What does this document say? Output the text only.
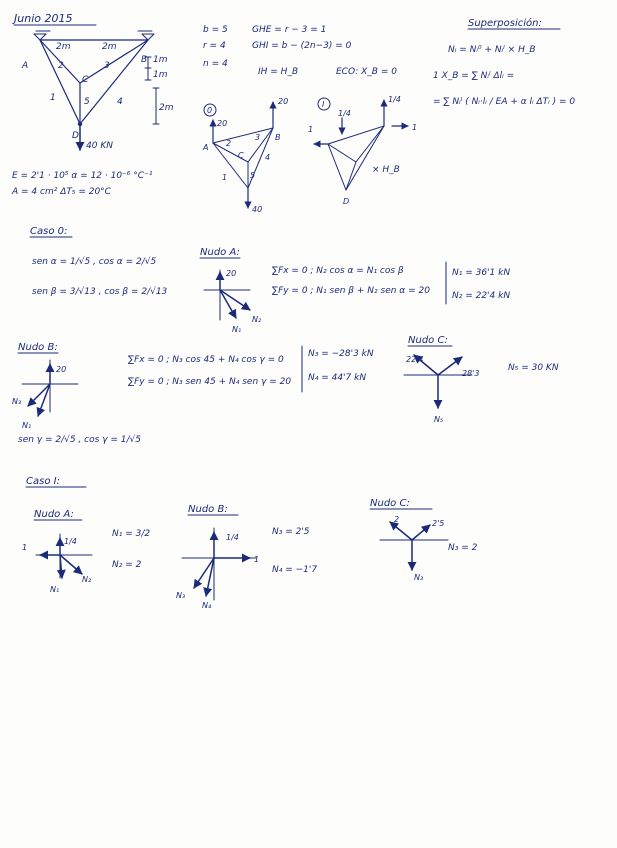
Junio 2015	Superposición:
2m	2m
1m
1m
2m
A
B
C
D
1
2	3
4
5
40 KN
E = 2'1 · 10⁵ α = 12 · 10⁻⁶ °C⁻¹
A = 4 cm² ΔT₅ = 20°C
b = 5
r = 4
n = 4
GHE = r − 3 = 1
GHI = b − (2n−3) = 0
IH = H_B	ECO: X_B = 0
Nᵢ = Nᵢ⁰ + Nᵢᴵ × H_B
1 X_B = ∑ Nᵢᴵ Δlᵢ =
= ∑ Nᵢᴵ ( Nᵢ·lᵢ / EA + α lᵢ ΔTᵢ ) = 0
0
20
20
40
A
B
C
1
2
3
4
5
I
1
1/4
1/4
1
× H_B
D
Caso 0:
sen α = 1/√5 , cos α = 2/√5
sen β = 3/√13 , cos β = 2/√13
Nudo A:
20
N₁
N₂
∑Fx = 0 ; N₂ cos α = N₁ cos β
∑Fy = 0 ; N₁ sen β + N₂ sen α = 20
N₁ = 36'1 kN
N₂ = 22'4 kN
Nudo B:
20
N₃
N₁
∑Fx = 0 ; N₃ cos 45 + N₄ cos γ = 0
∑Fy = 0 ; N₃ sen 45 + N₄ sen γ = 20
N₃ = −28'3 kN
N₄ = 44'7 kN
sen γ = 2/√5 , cos γ = 1/√5
Nudo C:
22'4
28'3
N₅
N₅ = 30 KN
Caso I:
Nudo A:
1
1/4
N₁
N₂
N₁ = 3/2
N₂ = 2
Nudo B:
1/4
1
N₃
N₄
N₃ = 2'5
N₄ = −1'7
Nudo C:
2	2'5
N₃
N₃ = 2
